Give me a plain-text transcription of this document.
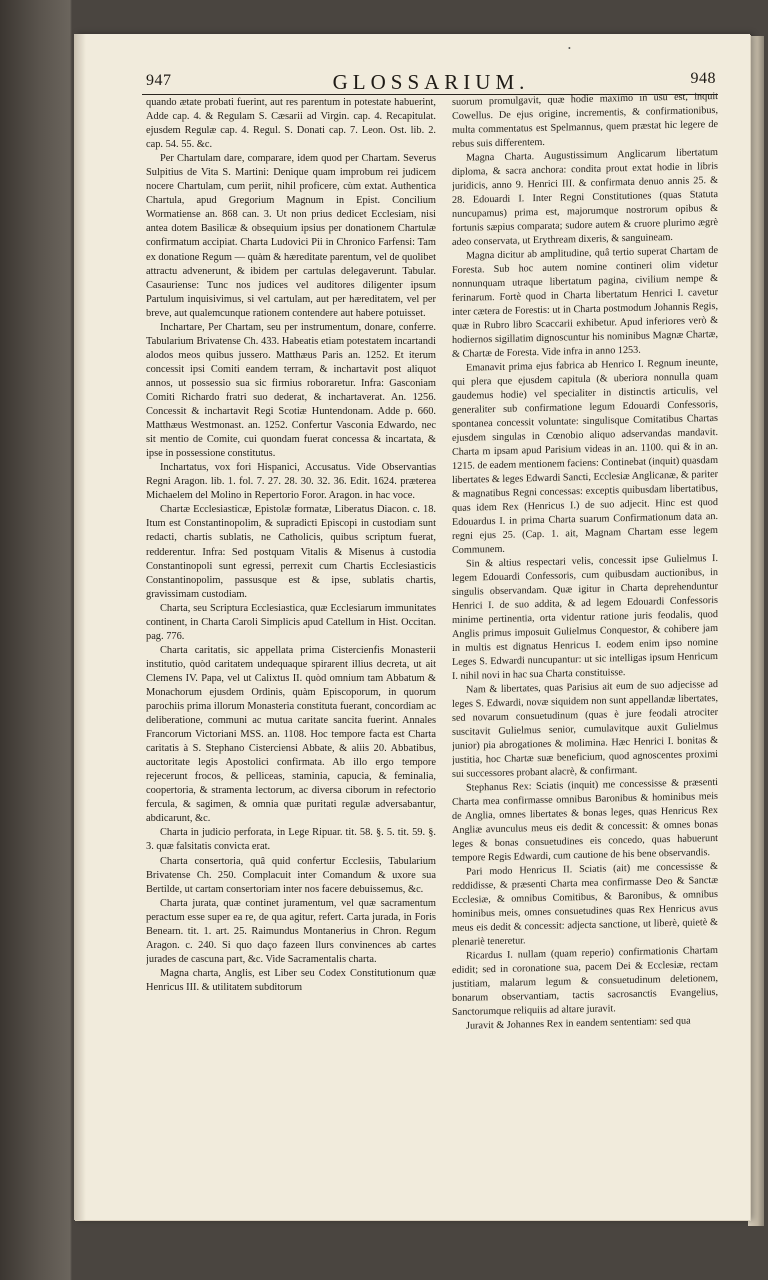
•
947	GLOSSARIUM.	948

quando ætate probati fuerint, aut res parentum in potestate habuerint, Adde cap. 4. & Regulam S. Cæsarii ad Virgin. cap. 4. Recapitulat. ejusdem Regulæ cap. 4. Regul. S. Donati cap. 7. Leon. Ost. lib. 2. cap. 54. 55. &c.

Per Chartulam dare, comparare, idem quod per Chartam. Severus Sulpitius de Vita S. Martini: Denique quam improbum rei judicem nocere Chartulam, cum periit, nihil proficere, cùm extat. Authentica Chartula, apud Gregorium Magnum in Epist. Concilium Wormatiense an. 868 can. 3. Ut non prius dedicet Ecclesiam, nisi antea dotem Basilicæ & obsequium ipsius per donationem Chartulæ confirmatum accipiat. Charta Ludovici Pii in Chronico Farfensi: Tam ex donatione Regum — quàm & hæreditate parentum, vel de quolibet attractu advenerunt, & ibidem per cartulas delegaverunt. Tabular. Casauriense: Tunc nos judices vel auditores diligenter ipsum Partulum inquisivimus, si vel cartulam, aut per hæreditatem, vel per breve, aut qualemcunque rationem contendere aut habere potuisset.

Inchartare, Per Chartam, seu per instrumentum, donare, conferre. Tabularium Brivatense Ch. 433. Habeatis etiam potestatem incartandi alodos meos quibus jussero. Matthæus Paris an. 1252. Et iterum concessit ipsi Comiti eandem terram, & inchartavit post aliquot annos, ut possessio sua sic firmius roboraretur. Infra: Gasconiam Comiti Richardo fratri suo dederat, & inchartaverat. An. 1256. Concessit & inchartavit Regi Scotiæ Huntendonam. Adde p. 660. Matthæus Westmonast. an. 1252. Confertur Vasconia Edwardo, nec sit mentio de Comite, cui quondam fuerat concessa & incartata, & ipse in possessione constitutus.

Inchartatus, vox fori Hispanici, Accusatus. Vide Observantias Regni Aragon. lib. 1. fol. 7. 27. 28. 30. 32. 36. Edit. 1624. præterea Michaelem del Molino in Repertorio Foror. Aragon. in hac voce.

Chartæ Ecclesiasticæ, Epistolæ formatæ, Liberatus Diacon. c. 18. Itum est Constantinopolim, & supradicti Episcopi in custodiam sunt redacti, chartis sublatis, ne Catholicis, quibus scriptum fuerat, redderentur. Infra: Sed postquam Vitalis & Misenus à custodia Constantinopoli sunt egressi, perrexit cum Chartis Ecclesiasticis Constantinopolim, passusque est & ipse, sublatis chartis, gravissimam custodiam.

Charta, seu Scriptura Ecclesiastica, quæ Ecclesiarum immunitates continent, in Charta Caroli Simplicis apud Catellum in Hist. Occitan. pag. 776.

Charta caritatis, sic appellata prima Cistercienfis Monasterii institutio, quòd caritatem undequaque spirarent illius decreta, ut ait Clemens IV. Papa, vel ut Calixtus II. quòd omnium tam Abbatum & Monachorum ejusdem Ordinis, quàm Episcoporum, in quorum parochiis prima illorum Monasteria constituta fuerant, concordiam ac deliberatione, communi ac mutua caritate sancita fuerint. Annales Francorum Victoriani MSS. an. 1108. Hoc tempore facta est Charta caritatis à S. Stephano Cisterciensi Abbate, & aliis 20. Abbatibus, auctoritate legis Apostolici confirmata. Ab illo ergo tempore rejecerunt frocos, & pelliceas, staminia, capucia, & feminalia, coopertoria, & stramenta lectorum, ac diversa ciborum in refectorio fercula, & sagimen, & omnia quæ puritati regulæ adversabantur, abdicarunt, &c.

Charta in judicio perforata, in Lege Ripuar. tit. 58. §. 5. tit. 59. §. 3. quæ falsitatis convicta erat.

Charta consertoria, quâ quid confertur Ecclesiis, Tabularium Brivatense Ch. 250. Complacuit inter Comandum & uxore sua Bertilde, ut cartam consertoriam inter nos facere debuissemus, &c.

Charta jurata, quæ continet juramentum, vel quæ sacramentum peractum esse super ea re, de qua agitur, refert. Carta jurada, in Foris Benearn. tit. 1. art. 25. Raimundus Montanerius in Chron. Regum Aragon. c. 240. Si quo daço fazeen llurs convinences ab cartes jurades de cascuna part, &c. Vide Sacramentalis charta.

Magna charta, Anglis, est Liber seu Codex Constitutionum quæ Henricus III. & utilitatem subditorum

suorum promulgavit, quæ hodie maximo in usu est, inquit Cowellus. De ejus origine, incrementis, & confirmationibus, multa commentatus est Spelmannus, quem præstat hic legere de rebus suis differentem.

Magna Charta. Augustissimum Anglicarum libertatum diploma, & sacra anchora: condita prout extat hodie in libris juridicis, anno 9. Henrici III. & confirmata denuo annis 25. & 28. Edouardi I. Inter Regni Constitutiones (quas Statuta nuncupamus) prima est, majorumque nostrorum opibus & fortunis sæpius comparata; sudore autem & cruore plurimo ægrè adeo conservata, ut Erythream dixeris, & sanguineam.

Magna dicitur ab amplitudine, quâ tertio superat Chartam de Foresta. Sub hoc autem nomine contineri olim videtur nonnunquam utraque libertatum pagina, civilium nempe & ferinarum. Fortè quod in Charta libertatum Henrici I. cavetur inter cætera de Forestis: ut in Charta postmodum Johannis Regis, quæ in Rubro libro Scaccarii exhibetur. Apud inferiores verò & hodiernos sigillatim dignoscuntur his nominibus Magnæ Chartæ, & Chartæ de Foresta. Vide infra in anno 1253.

Emanavit prima ejus fabrica ab Henrico I. Regnum ineunte, qui plera que ejusdem capitula (& uberiora nonnulla quam gaudemus hodie) vel specialiter in distinctis articulis, vel generaliter sub confirmatione legum Edouardi Confessoris, spontanea concessit voluntate: singulisque Comitatibus Chartas ejusdem singulas in Cœnobio aliquo adservandas mandavit. Charta m ipsam apud Parisium videas in an. 1100. qui & in an. 1215. de eadem mentionem faciens: Continebat (inquit) quasdam libertates & leges Edwardi Sancti, Ecclesiæ Anglicanæ, & pariter & magnatibus Regni concessas: exceptis quibusdam libertatibus, quas idem Rex (Henricus I.) de suo adjecit. Hinc est quod Edouardus I. in prima Charta suarum Confirmationum data an. regni ejus 25. (Cap. 1. ait, Magnam Chartam esse legem Communem.

Sin & altius respectari velis, concessit ipse Gulielmus I. legem Edouardi Confessoris, cum quibusdam auctionibus, in singulis observandam. Quæ igitur in Charta deprehenduntur Henrici I. de suo addita, & ad legem Edouardi Confessoris minime pertinentia, orta videntur ratione juris feodalis, quod Anglis primus imposuit Gulielmus Conquestor, & cohibere jam in multis est dignatus Henricus I. eodem enim ipso nomine Leges S. Edwardi nuncupantur: ut sic intelligas ipsum Henricum I. nihil novi in hac sua Charta constituisse.

Nam & libertates, quas Parisius ait eum de suo adjecisse ad leges S. Edwardi, novæ siquidem non sunt appellandæ libertates, sed novarum consuetudinum (quas è jure feodali atrociter suscitavit Gulielmus senior, cumulavitque auxit Gulielmus junior) pia abrogationes & molimina. Hæc Henrici I. bonitas & justitia, hoc Chartæ suæ beneficium, quod agnoscentes proximi sui successores probant alacrè, & confirmant.

Stephanus Rex: Sciatis (inquit) me concessisse & præsenti Charta mea confirmasse omnibus Baronibus & hominibus meis de Anglia, omnes libertates & bonas leges, quas Henricus Rex Angliæ avunculus meus eis dedit & concessit: & omnes bonas leges & bonas consuetudines eis concedo, quas habuerunt tempore Regis Edwardi, cum cautione de his bene observandis.

Pari modo Henricus II. Sciatis (ait) me concessisse & reddidisse, & præsenti Charta mea confirmasse Deo & Sanctæ Ecclesiæ, & omnibus Comitibus, & Baronibus, & omnibus hominibus meis, omnes consuetudines quas Rex Henricus avus meus eis dedit & concessit: adjecta sanctione, ut liberè, quietè & plenariè teneretur.

Ricardus I. nullam (quam reperio) confirmationis Chartam edidit; sed in coronatione sua, pacem Dei & Ecclesiæ, rectam justitiam, malarum legum & consuetudinum deletionem, bonarum observantiam, tactis sacrosanctis Evangelius, Sanctorumque reliquiis ad altare juravit.

Juravit & Johannes Rex in eandem sententiam: sed qua
